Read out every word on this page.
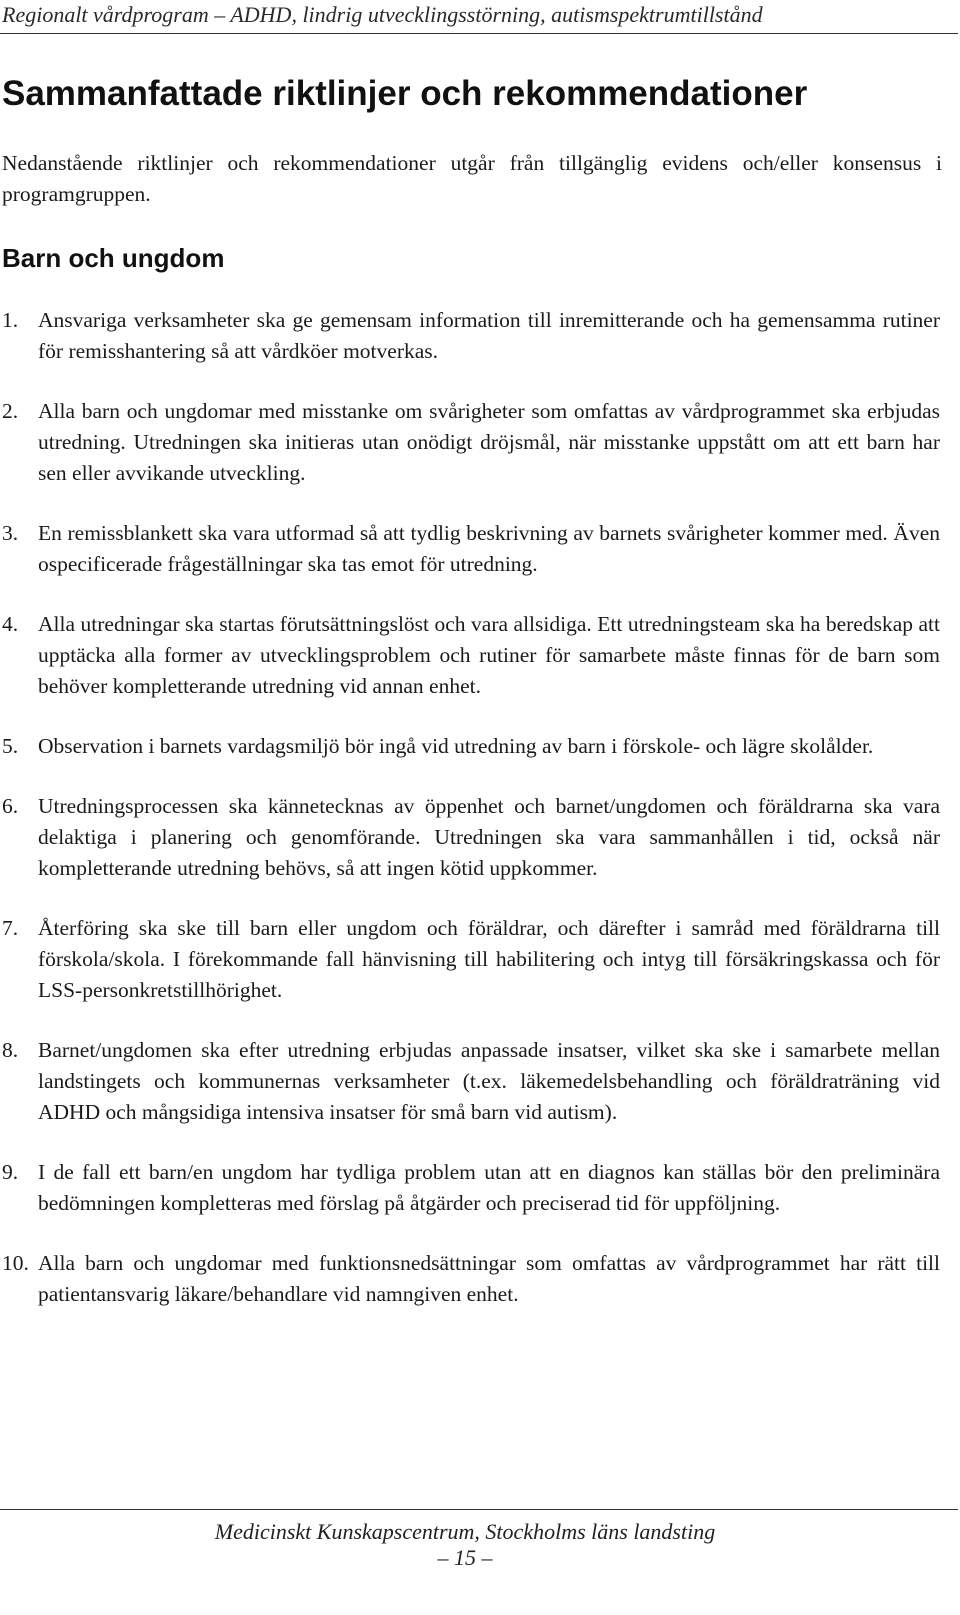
Regionalt vårdprogram – ADHD, lindrig utvecklingsstörning, autismspektrumtillstånd
Sammanfattade riktlinjer och rekommendationer

Nedanstående riktlinjer och rekommendationer utgår från tillgänglig evidens och/eller konsensus i programgruppen.

Barn och ungdom
1. Ansvariga verksamheter ska ge gemensam information till inremitterande och ha gemensamma rutiner för remisshantering så att vårdköer motverkas.
2. Alla barn och ungdomar med misstanke om svårigheter som omfattas av vårdprogrammet ska erbjudas utredning. Utredningen ska initieras utan onödigt dröjsmål, när misstanke uppstått om att ett barn har sen eller avvikande utveckling.
3. En remissblankett ska vara utformad så att tydlig beskrivning av barnets svårigheter kommer med. Även ospecificerade frågeställningar ska tas emot för utredning.
4. Alla utredningar ska startas förutsättningslöst och vara allsidiga. Ett utredningsteam ska ha beredskap att upptäcka alla former av utvecklingsproblem och rutiner för samarbete måste finnas för de barn som behöver kompletterande utredning vid annan enhet.
5. Observation i barnets vardagsmiljö bör ingå vid utredning av barn i förskole- och lägre skolålder.
6. Utredningsprocessen ska kännetecknas av öppenhet och barnet/ungdomen och föräldrarna ska vara delaktiga i planering och genomförande. Utredningen ska vara sammanhållen i tid, också när kompletterande utredning behövs, så att ingen kötid uppkommer.
7. Återföring ska ske till barn eller ungdom och föräldrar, och därefter i samråd med föräldrarna till förskola/skola. I förekommande fall hänvisning till habilitering och intyg till försäkringskassa och för LSS-personkretstillhörighet.
8. Barnet/ungdomen ska efter utredning erbjudas anpassade insatser, vilket ska ske i samarbete mellan landstingets och kommunernas verksamheter (t.ex. läkemedelsbehandling och föräldraträning vid ADHD och mångsidiga intensiva insatser för små barn vid autism).
9. I de fall ett barn/en ungdom har tydliga problem utan att en diagnos kan ställas bör den preliminära bedömningen kompletteras med förslag på åtgärder och preciserad tid för uppföljning.
10. Alla barn och ungdomar med funktionsnedsättningar som omfattas av vårdprogrammet har rätt till patientansvarig läkare/behandlare vid namngiven enhet.
Medicinskt Kunskapscentrum, Stockholms läns landsting
– 15 –
